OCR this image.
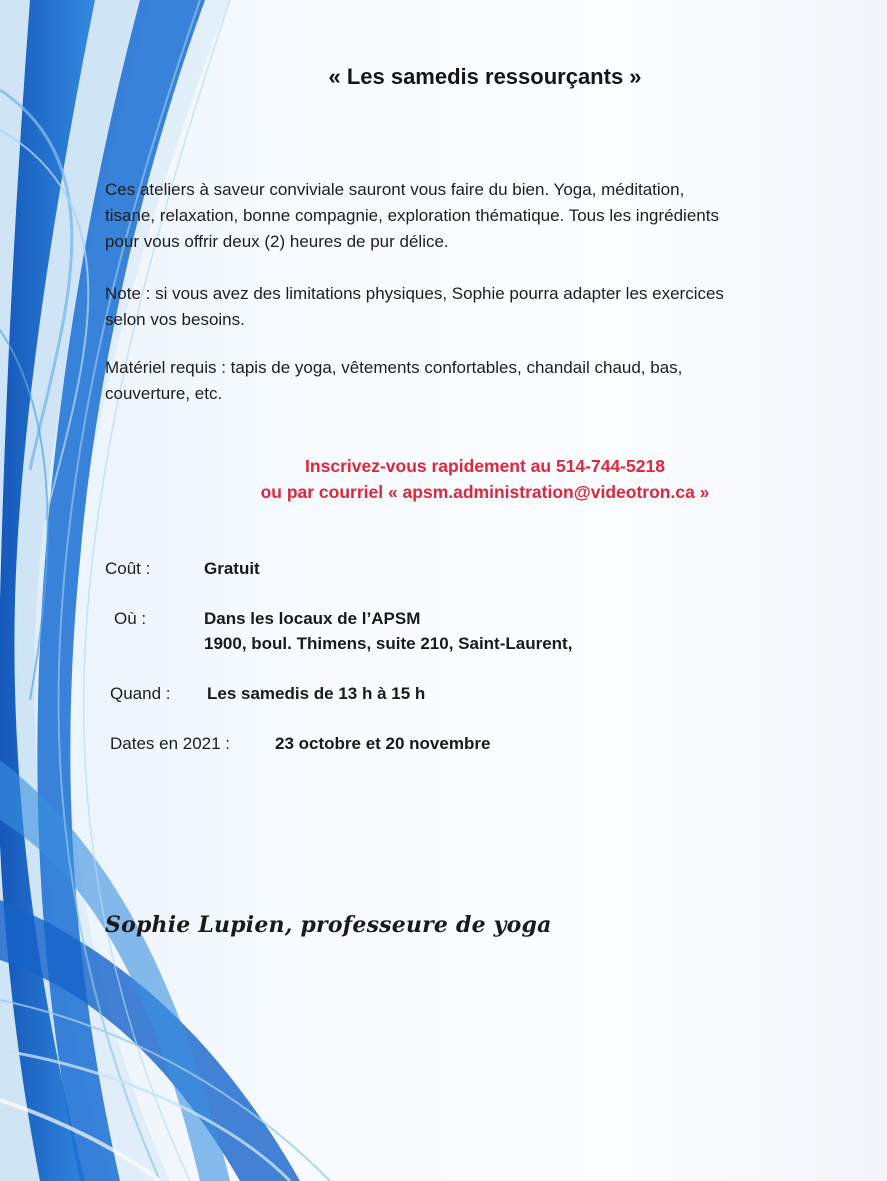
« Les samedis ressourçants »
Ces ateliers à saveur conviviale sauront vous faire du bien. Yoga, méditation,
tisane, relaxation, bonne compagnie, exploration thématique. Tous les ingrédients
pour vous offrir deux (2) heures de pur délice.
Note : si vous avez des limitations physiques, Sophie pourra adapter les exercices
selon vos besoins.
Matériel requis : tapis de yoga, vêtements confortables, chandail chaud, bas,
couverture, etc.
Inscrivez-vous rapidement au 514-744-5218
ou par courriel « apsm.administration@videotron.ca »
Coût :	Gratuit
Où :	Dans les locaux de l’APSM
1900, boul. Thimens, suite 210, Saint-Laurent,
Quand : Les samedis de 13 h à 15 h
Dates en 2021 :	23 octobre et 20 novembre
Sophie Lupien, professeure de yoga
